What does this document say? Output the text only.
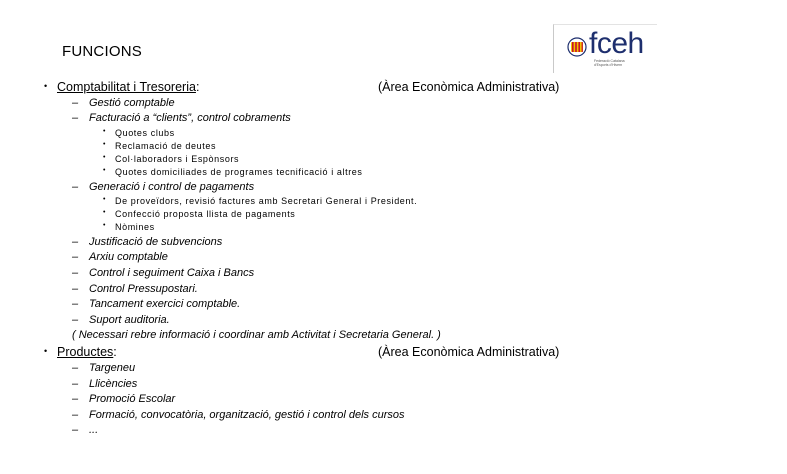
FUNCIONS	fceh
Federació Catalana
d'Esports d'Hivern
• Comptabilitat i Tresoreria:	(Àrea Econòmica Administrativa)
– Gestió comptable
– Facturació a “clients”, control cobraments
• Quotes clubs
• Reclamació de deutes
• Col·laboradors i Espònsors
• Quotes domiciliades de programes tecnificació i altres
– Generació i control de pagaments
• De proveïdors, revisió factures amb Secretari General i President.
• Confecció proposta llista de pagaments
• Nòmines
– Justificació de subvencions
– Arxiu comptable
– Control i seguiment Caixa i Bancs
– Control Pressupostari.
– Tancament exercici comptable.
– Suport auditoria.
( Necessari rebre informació i coordinar amb Activitat i Secretaria General. )
• Productes:	(Àrea Econòmica Administrativa)
– Targeneu
– Llicències
– Promoció Escolar
– Formació, convocatòria, organització, gestió i control dels cursos
– ...
